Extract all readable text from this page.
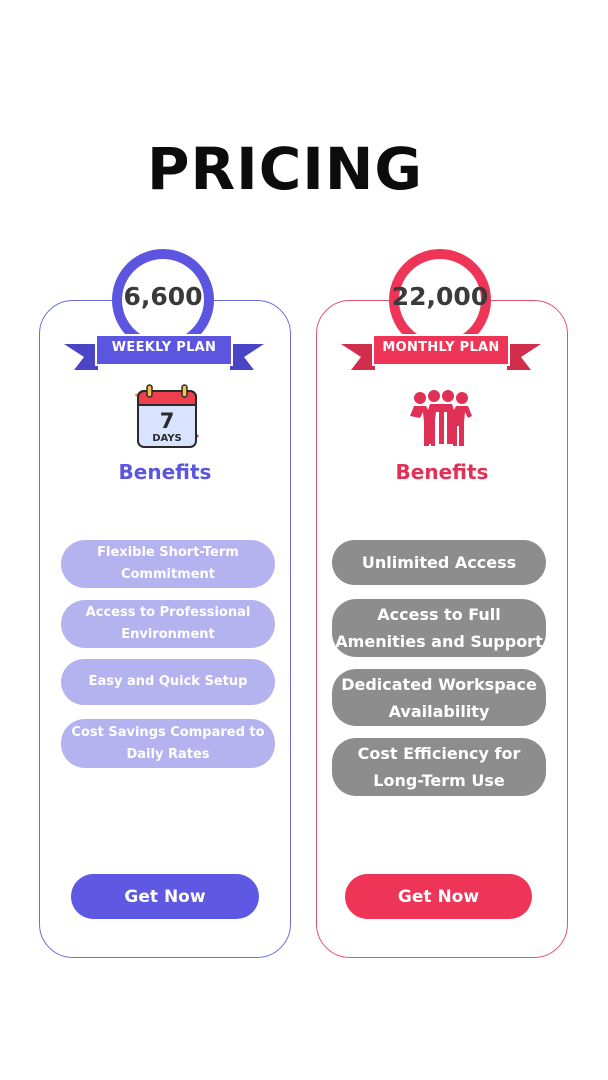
PRICING
6,600
WEEKLY PLAN
7
DAYS
Benefits
Flexible Short-Term
Commitment
Access to Professional
Environment
Easy and Quick Setup
Cost Savings Compared to
Daily Rates
Get Now
22,000
MONTHLY PLAN
Benefits
Unlimited Access
Access to Full
Amenities and Support
Dedicated Workspace
Availability
Cost Efficiency for
Long-Term Use
Get Now
